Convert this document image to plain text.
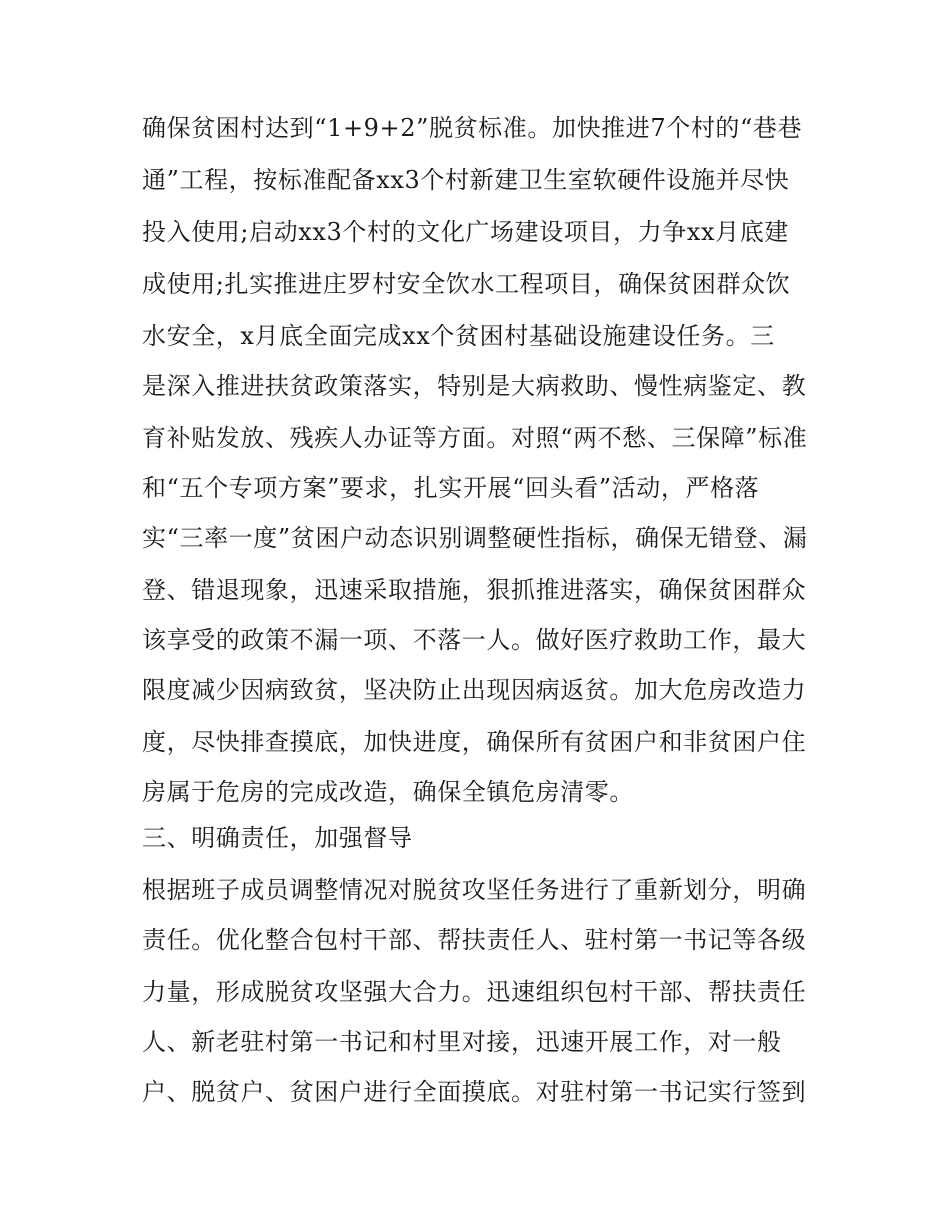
确保贫困村达到“1+9+2”脱贫标准。加快推进7个村的“巷巷
通”工程，按标准配备xx3个村新建卫生室软硬件设施并尽快
投入使用;启动xx3个村的文化广场建设项目，力争xx月底建
成使用;扎实推进庄罗村安全饮水工程项目，确保贫困群众饮
水安全，x月底全面完成xx个贫困村基础设施建设任务。三
是深入推进扶贫政策落实，特别是大病救助、慢性病鉴定、教
育补贴发放、残疾人办证等方面。对照“两不愁、三保障”标准
和“五个专项方案”要求，扎实开展“回头看”活动，严格落
实“三率一度”贫困户动态识别调整硬性指标，确保无错登、漏
登、错退现象，迅速采取措施，狠抓推进落实，确保贫困群众
该享受的政策不漏一项、不落一人。做好医疗救助工作，最大
限度减少因病致贫，坚决防止出现因病返贫。加大危房改造力
度，尽快排查摸底，加快进度，确保所有贫困户和非贫困户住
房属于危房的完成改造，确保全镇危房清零。
三、明确责任，加强督导
根据班子成员调整情况对脱贫攻坚任务进行了重新划分，明确
责任。优化整合包村干部、帮扶责任人、驻村第一书记等各级
力量，形成脱贫攻坚强大合力。迅速组织包村干部、帮扶责任
人、新老驻村第一书记和村里对接，迅速开展工作，对一般
户、脱贫户、贫困户进行全面摸底。对驻村第一书记实行签到
